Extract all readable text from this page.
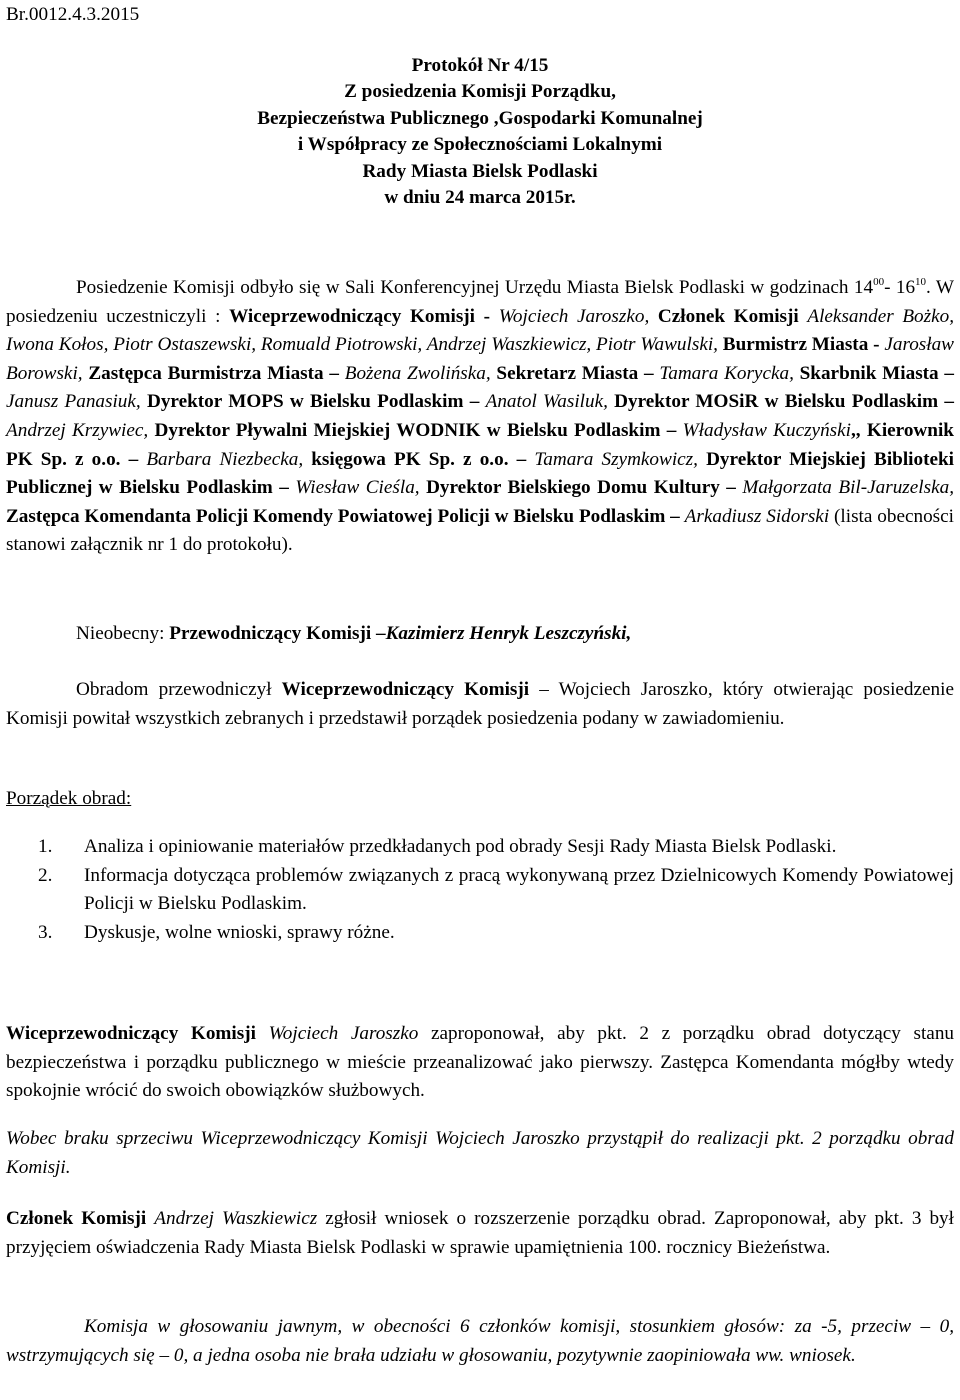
Br.0012.4.3.2015
Protokół Nr 4/15
Z posiedzenia Komisji Porządku,
Bezpieczeństwa Publicznego ,Gospodarki Komunalnej
i Współpracy ze Społecznościami Lokalnymi
Rady Miasta Bielsk Podlaski
w dniu 24 marca 2015r.
Posiedzenie Komisji odbyło się w Sali Konferencyjnej Urzędu Miasta Bielsk Podlaski w godzinach $14^{00}-$ $16^{10}$. W posiedzeniu uczestniczyli : Wiceprzewodniczący Komisji - Wojciech Jaroszko, Członek Komisji Aleksander Bożko, Iwona Kołos, Piotr Ostaszewski, Romuald Piotrowski, Andrzej Waszkiewicz, Piotr Wawulski, Burmistrz Miasta - Jarosław Borowski, Zastępca Burmistrza Miasta – Bożena Zwolińska, Sekretarz Miasta – Tamara Korycka, Skarbnik Miasta – Janusz Panasiuk, Dyrektor MOPS w Bielsku Podlaskim – Anatol Wasiluk, Dyrektor MOSiR w Bielsku Podlaskim – Andrzej Krzywiec, Dyrektor Pływalni Miejskiej WODNIK w Bielsku Podlaskim – Władysław Kuczyński,, Kierownik PK Sp. z o.o. – Barbara Niezbecka, księgowa PK Sp. z o.o. – Tamara Szymkowicz, Dyrektor Miejskiej Biblioteki Publicznej w Bielsku Podlaskim – Wiesław Cieśla, Dyrektor Bielskiego Domu Kultury – Małgorzata Bil-Jaruzelska, Zastępca Komendanta Policji Komendy Powiatowej Policji w Bielsku Podlaskim – Arkadiusz Sidorski (lista obecności stanowi załącznik nr 1 do protokołu).
Nieobecny: Przewodniczący Komisji –Kazimierz Henryk Leszczyński,
Obradom przewodniczył Wiceprzewodniczący Komisji – Wojciech Jaroszko, który otwierając posiedzenie Komisji powitał wszystkich zebranych i przedstawił porządek posiedzenia podany w zawiadomieniu.
Porządek obrad:
1.	Analiza i opiniowanie materiałów przedkładanych pod obrady Sesji Rady Miasta Bielsk Podlaski.
2.	Informacja dotycząca problemów związanych z pracą wykonywaną przez Dzielnicowych Komendy Powiatowej Policji w Bielsku Podlaskim.
3.	Dyskusje, wolne wnioski, sprawy różne.
Wiceprzewodniczący Komisji Wojciech Jaroszko zaproponował, aby pkt. 2 z porządku obrad dotyczący stanu bezpieczeństwa i porządku publicznego w mieście przeanalizować jako pierwszy. Zastępca Komendanta mógłby wtedy spokojnie wrócić do swoich obowiązków służbowych.
Wobec braku sprzeciwu Wiceprzewodniczący Komisji Wojciech Jaroszko przystąpił do realizacji pkt. 2 porządku obrad Komisji.
Członek Komisji Andrzej Waszkiewicz zgłosił wniosek o rozszerzenie porządku obrad. Zaproponował, aby pkt. 3 był przyjęciem oświadczenia Rady Miasta Bielsk Podlaski w sprawie upamiętnienia 100. rocznicy Bieżeństwa.
Komisja w głosowaniu jawnym, w obecności 6 członków komisji, stosunkiem głosów: za -5, przeciw – 0, wstrzymujących się – 0, a jedna osoba nie brała udziału w głosowaniu, pozytywnie zaopiniowała ww. wniosek.
